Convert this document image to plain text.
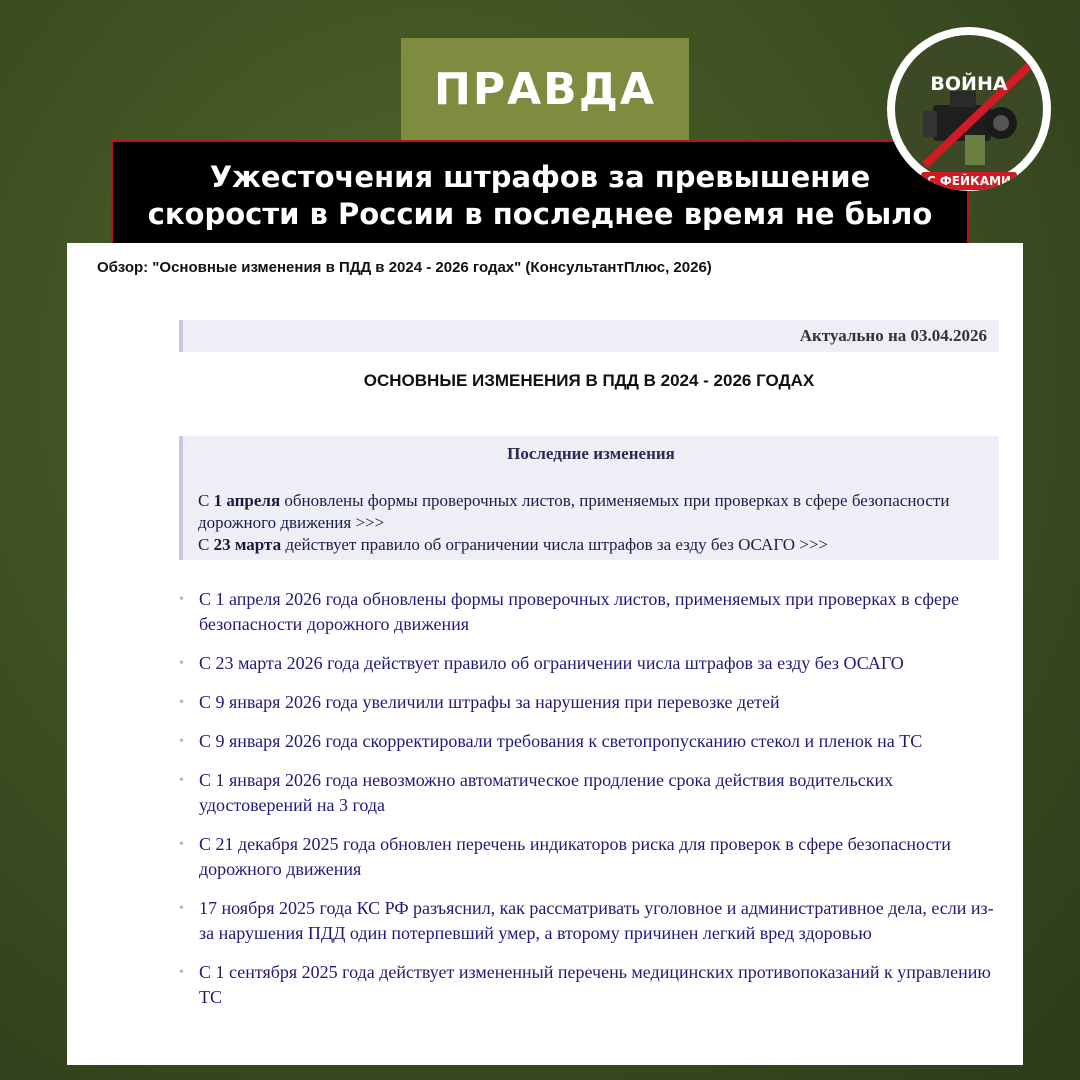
ПРАВДА
Ужесточения штрафов за превышение скорости в России в последнее время не было
ВОЙНА
С ФЕЙКАМИ
Обзор: "Основные изменения в ПДД в 2024 - 2026 годах" (КонсультантПлюс, 2026)
Актуально на 03.04.2026
ОСНОВНЫЕ ИЗМЕНЕНИЯ В ПДД В 2024 - 2026 ГОДАХ
Последние изменения
С 1 апреля обновлены формы проверочных листов, применяемых при проверках в сфере безопасности дорожного движения >>>
С 23 марта действует правило об ограничении числа штрафов за езду без ОСАГО >>>
• С 1 апреля 2026 года обновлены формы проверочных листов, применяемых при проверках в сфере безопасности дорожного движения
• С 23 марта 2026 года действует правило об ограничении числа штрафов за езду без ОСАГО
• С 9 января 2026 года увеличили штрафы за нарушения при перевозке детей
• С 9 января 2026 года скорректировали требования к светопропусканию стекол и пленок на ТС
• С 1 января 2026 года невозможно автоматическое продление срока действия водительских удостоверений на 3 года
• С 21 декабря 2025 года обновлен перечень индикаторов риска для проверок в сфере безопасности дорожного движения
• 17 ноября 2025 года КС РФ разъяснил, как рассматривать уголовное и административное дела, если из-за нарушения ПДД один потерпевший умер, а второму причинен легкий вред здоровью
• С 1 сентября 2025 года действует измененный перечень медицинских противопоказаний к управлению ТС
